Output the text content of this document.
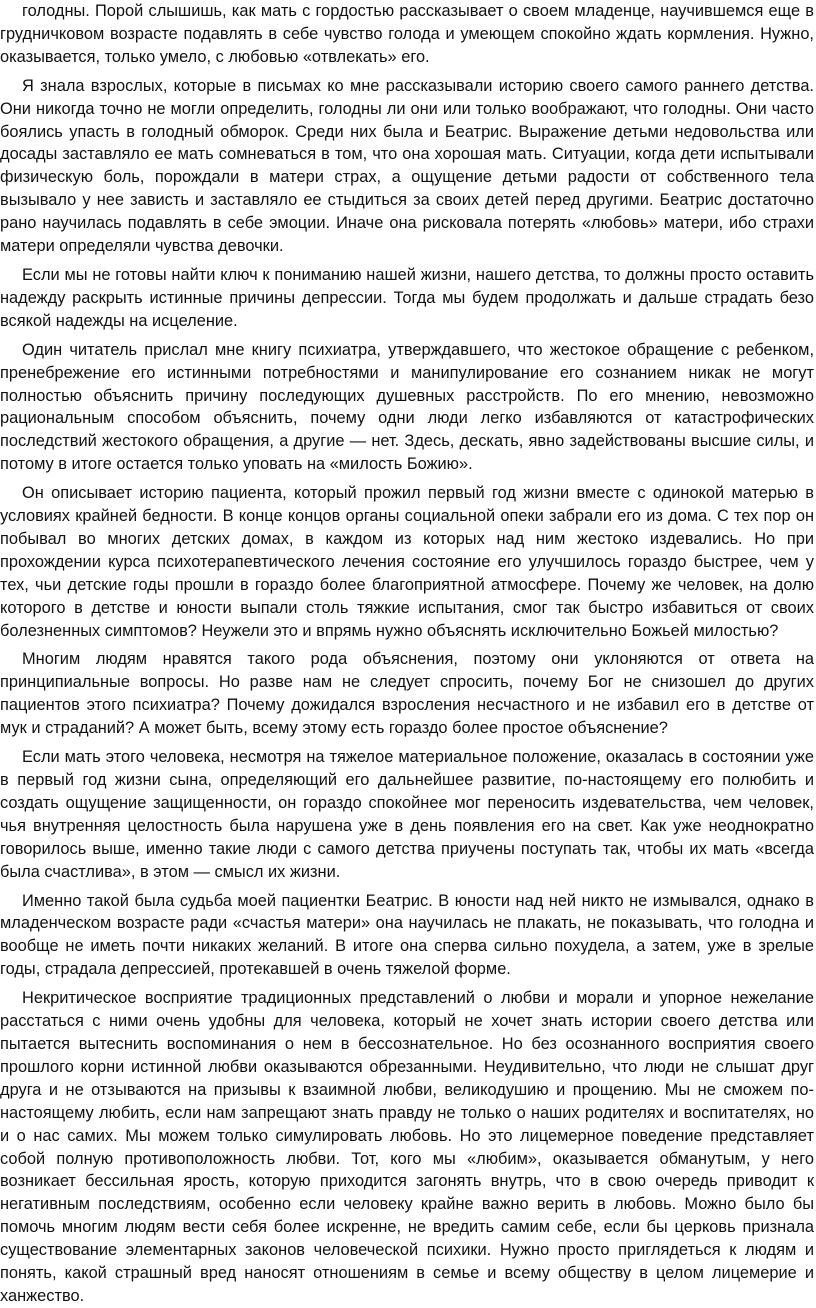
голодны. Порой слышишь, как мать с гордостью рассказывает о своем младенце, научившемся еще в грудничковом возрасте подавлять в себе чувство голода и умеющем спокойно ждать кормления. Нужно, оказывается, только умело, с любовью «отвлекать» его.

Я знала взрослых, которые в письмах ко мне рассказывали историю своего самого раннего детства. Они никогда точно не могли определить, голодны ли они или только воображают, что голодны. Они часто боялись упасть в голодный обморок. Среди них была и Беатрис. Выражение детьми недовольства или досады заставляло ее мать сомневаться в том, что она хорошая мать. Ситуации, когда дети испытывали физическую боль, порождали в матери страх, а ощущение детьми радости от собственного тела вызывало у нее зависть и заставляло ее стыдиться за своих детей перед другими. Беатрис достаточно рано научилась подавлять в себе эмоции. Иначе она рисковала потерять «любовь» матери, ибо страхи матери определяли чувства девочки.

Если мы не готовы найти ключ к пониманию нашей жизни, нашего детства, то должны просто оставить надежду раскрыть истинные причины депрессии. Тогда мы будем продолжать и дальше страдать безо всякой надежды на исцеление.

Один читатель прислал мне книгу психиатра, утверждавшего, что жестокое обращение с ребенком, пренебрежение его истинными потребностями и манипулирование его сознанием никак не могут полностью объяснить причину последующих душевных расстройств. По его мнению, невозможно рациональным способом объяснить, почему одни люди легко избавляются от катастрофических последствий жестокого обращения, а другие — нет. Здесь, дескать, явно задействованы высшие силы, и потому в итоге остается только уповать на «милость Божию».

Он описывает историю пациента, который прожил первый год жизни вместе с одинокой матерью в условиях крайней бедности. В конце концов органы социальной опеки забрали его из дома. С тех пор он побывал во многих детских домах, в каждом из которых над ним жестоко издевались. Но при прохождении курса психотерапевтического лечения состояние его улучшилось гораздо быстрее, чем у тех, чьи детские годы прошли в гораздо более благоприятной атмосфере. Почему же человек, на долю которого в детстве и юности выпали столь тяжкие испытания, смог так быстро избавиться от своих болезненных симптомов? Неужели это и впрямь нужно объяснять исключительно Божьей милостью?

Многим людям нравятся такого рода объяснения, поэтому они уклоняются от ответа на принципиальные вопросы. Но разве нам не следует спросить, почему Бог не снизошел до других пациентов этого психиатра? Почему дожидался взросления несчастного и не избавил его в детстве от мук и страданий? А может быть, всему этому есть гораздо более простое объяснение?

Если мать этого человека, несмотря на тяжелое материальное положение, оказалась в состоянии уже в первый год жизни сына, определяющий его дальнейшее развитие, по-настоящему его полюбить и создать ощущение защищенности, он гораздо спокойнее мог переносить издевательства, чем человек, чья внутренняя целостность была нарушена уже в день появления его на свет. Как уже неоднократно говорилось выше, именно такие люди с самого детства приучены поступать так, чтобы их мать «всегда была счастлива», в этом — смысл их жизни.

Именно такой была судьба моей пациентки Беатрис. В юности над ней никто не измывался, однако в младенческом возрасте ради «счастья матери» она научилась не плакать, не показывать, что голодна и вообще не иметь почти никаких желаний. В итоге она сперва сильно похудела, а затем, уже в зрелые годы, страдала депрессией, протекавшей в очень тяжелой форме.

Некритическое восприятие традиционных представлений о любви и морали и упорное нежелание расстаться с ними очень удобны для человека, который не хочет знать истории своего детства или пытается вытеснить воспоминания о нем в бессознательное. Но без осознанного восприятия своего прошлого корни истинной любви оказываются обрезанными. Неудивительно, что люди не слышат друг друга и не отзываются на призывы к взаимной любви, великодушию и прощению. Мы не сможем по-настоящему любить, если нам запрещают знать правду не только о наших родителях и воспитателях, но и о нас самих. Мы можем только симулировать любовь. Но это лицемерное поведение представляет собой полную противоположность любви. Тот, кого мы «любим», оказывается обманутым, у него возникает бессильная ярость, которую приходится загонять внутрь, что в свою очередь приводит к негативным последствиям, особенно если человеку крайне важно верить в любовь. Можно было бы помочь многим людям вести себя более искренне, не вредить самим себе, если бы церковь признала существование элементарных законов человеческой психики. Нужно просто приглядеться к людям и понять, какой страшный вред наносят отношениям в семье и всему обществу в целом лицемерие и ханжество.
